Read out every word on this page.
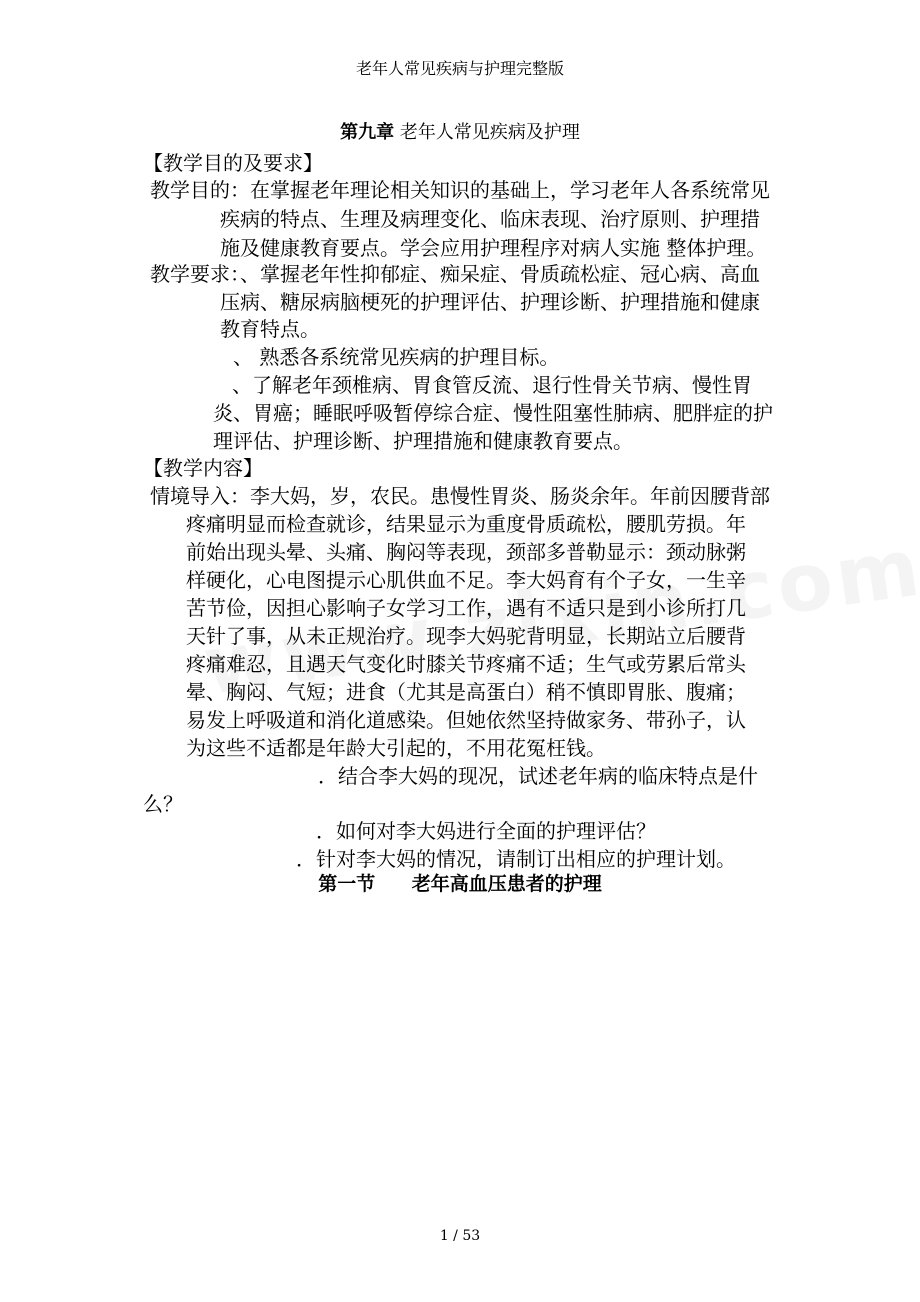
老年人常见疾病与护理完整版
第九章 老年人常见疾病及护理
【教学目的及要求】
教学目的：在掌握老年理论相关知识的基础上，学习老年人各系统常见
疾病的特点、生理及病理变化、临床表现、治疗原则、护理措
施及健康教育要点。学会应用护理程序对病人实施 整体护理。
教学要求：、掌握老年性抑郁症、痴呆症、骨质疏松症、冠心病、高血
压病、糖尿病脑梗死的护理评估、护理诊断、护理措施和健康
教育特点。
、 熟悉各系统常见疾病的护理目标。
、了解老年颈椎病、胃食管反流、退行性骨关节病、慢性胃
炎、胃癌；睡眠呼吸暂停综合症、慢性阻塞性肺病、肥胖症的护
理评估、护理诊断、护理措施和健康教育要点。
【教学内容】
情境导入：李大妈，岁，农民。患慢性胃炎、肠炎余年。年前因腰背部
疼痛明显而检查就诊，结果显示为重度骨质疏松，腰肌劳损。年
前始出现头晕、头痛、胸闷等表现，颈部多普勒显示：颈动脉粥
样硬化，心电图提示心肌供血不足。李大妈育有个子女，一生辛
苦节俭，因担心影响子女学习工作，遇有不适只是到小诊所打几
天针了事，从未正规治疗。现李大妈驼背明显，长期站立后腰背
疼痛难忍，且遇天气变化时膝关节疼痛不适；生气或劳累后常头
晕、胸闷、气短；进食（尤其是高蛋白）稍不慎即胃胀、腹痛；
易发上呼吸道和消化道感染。但她依然坚持做家务、带孙子，认
为这些不适都是年龄大引起的，不用花冤枉钱。
．结合李大妈的现况，试述老年病的临床特点是什
么？
．如何对李大妈进行全面的护理评估？
．针对李大妈的情况，请制订出相应的护理计划。
第一节 老年高血压患者的护理
1 / 53
